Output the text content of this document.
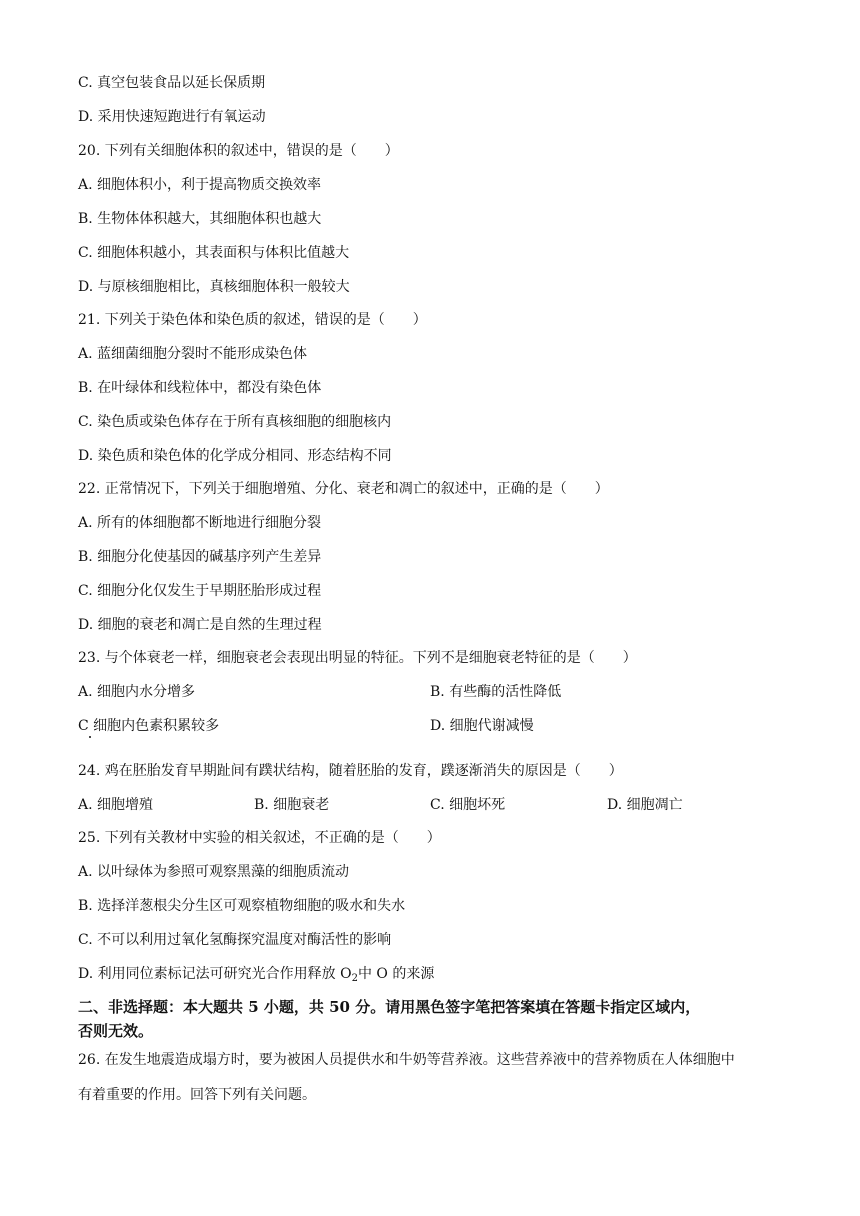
C. 真空包装食品以延长保质期
D. 采用快速短跑进行有氧运动
20. 下列有关细胞体积的叙述中，错误的是（　　）
A. 细胞体积小，利于提高物质交换效率
B. 生物体体积越大，其细胞体积也越大
C. 细胞体积越小，其表面积与体积比值越大
D. 与原核细胞相比，真核细胞体积一般较大
21. 下列关于染色体和染色质的叙述，错误的是（　　）
A. 蓝细菌细胞分裂时不能形成染色体
B. 在叶绿体和线粒体中，都没有染色体
C. 染色质或染色体存在于所有真核细胞的细胞核内
D. 染色质和染色体的化学成分相同、形态结构不同
22. 正常情况下，下列关于细胞增殖、分化、衰老和凋亡的叙述中，正确的是（　　）
A. 所有的体细胞都不断地进行细胞分裂
B. 细胞分化使基因的碱基序列产生差异
C. 细胞分化仅发生于早期胚胎形成过程
D. 细胞的衰老和凋亡是自然的生理过程
23. 与个体衰老一样，细胞衰老会表现出明显的特征。下列不是细胞衰老特征的是（　　）
A. 细胞内水分增多	B. 有些酶的活性降低
C 细胞内色素积累较多	D. 细胞代谢减慢
24. 鸡在胚胎发育早期趾间有蹼状结构，随着胚胎的发育，蹼逐渐消失的原因是（　　）
A. 细胞增殖	B. 细胞衰老	C. 细胞坏死	D. 细胞凋亡
25. 下列有关教材中实验的相关叙述，不正确的是（　　）
A. 以叶绿体为参照可观察黑藻的细胞质流动
B. 选择洋葱根尖分生区可观察植物细胞的吸水和失水
C. 不可以利用过氧化氢酶探究温度对酶活性的影响
D. 利用同位素标记法可研究光合作用释放 $O_2$中 O 的来源
二、非选择题：本大题共 5 小题，共 50 分。请用黑色签字笔把答案填在答题卡指定区域内，
否则无效。
26. 在发生地震造成塌方时，要为被困人员提供水和牛奶等营养液。这些营养液中的营养物质在人体细胞中
有着重要的作用。回答下列有关问题。
